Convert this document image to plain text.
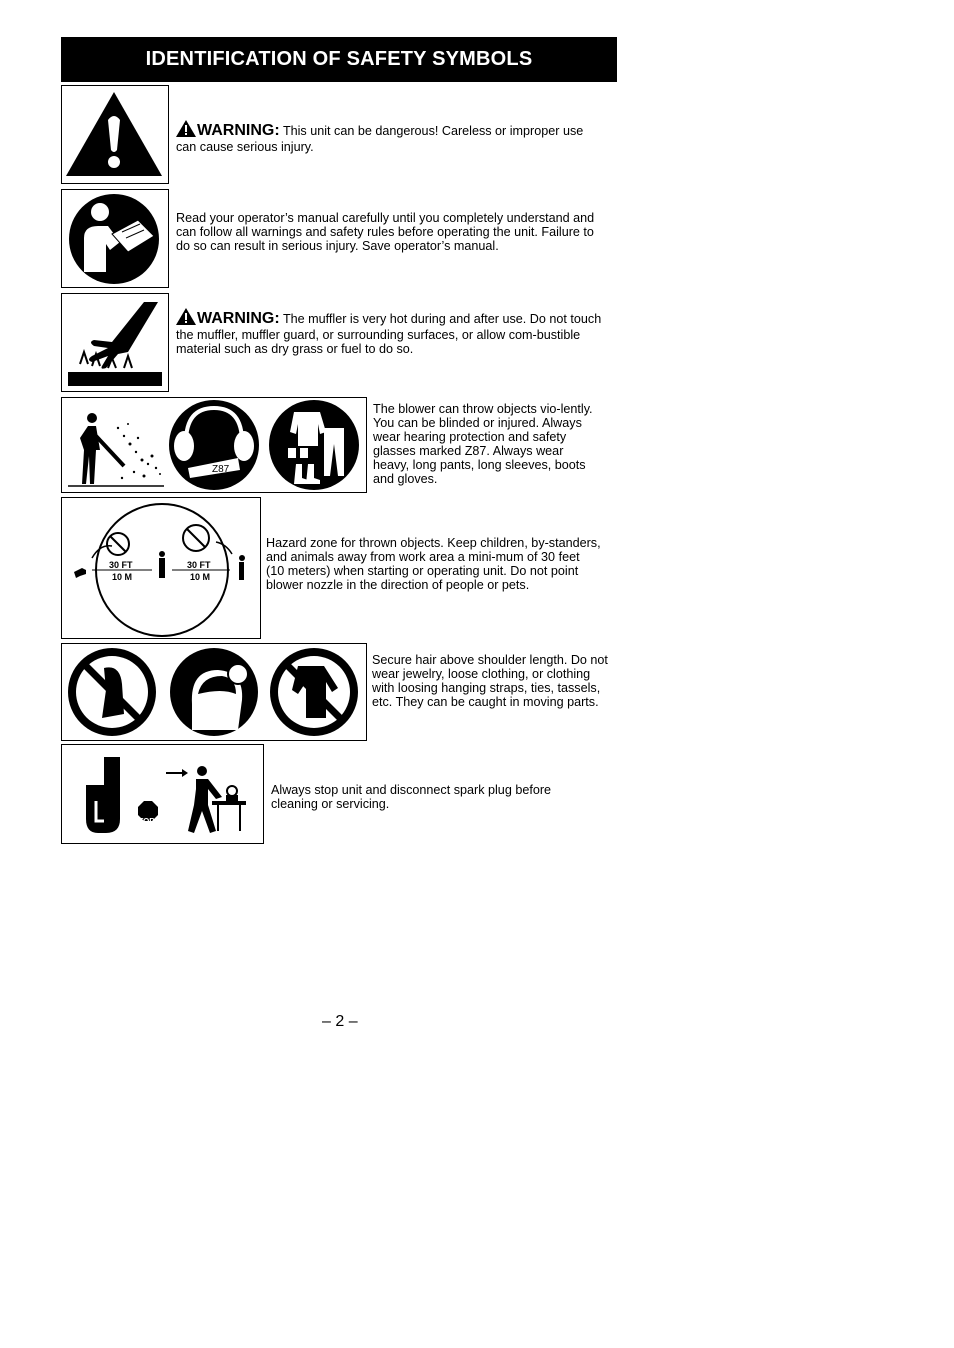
IDENTIFICATION OF SAFETY SYMBOLS

WARNING: This unit can be dangerous! Careless or improper use can cause serious injury.

Read your operator’s manual carefully until you completely understand and can follow all warnings and safety rules before operating the unit. Failure to do so can result in serious injury. Save operator’s manual.

WARNING: The muffler is very hot during and after use. Do not touch the muffler, muffler guard, or surrounding surfaces, or allow com-bustible material such as dry grass or fuel to do so.

Z87

The blower can throw objects vio-lently. You can be blinded or injured. Always wear hearing protection and safety glasses marked Z87. Always wear heavy, long pants, long sleeves, boots and gloves.

30 FT
10 M
30 FT
10 M

Hazard zone for thrown objects. Keep children, by-standers, and animals away from work area a mini-mum of 30 feet (10 meters) when starting or operating unit. Do not point blower nozzle in the direction of people or pets.

Secure hair above shoulder length. Do not wear jewelry, loose clothing, or clothing with loosing hanging straps, ties, tassels, etc. They can be caught in moving parts.

STOP

Always stop unit and disconnect spark plug before cleaning or servicing.

– 2 –
